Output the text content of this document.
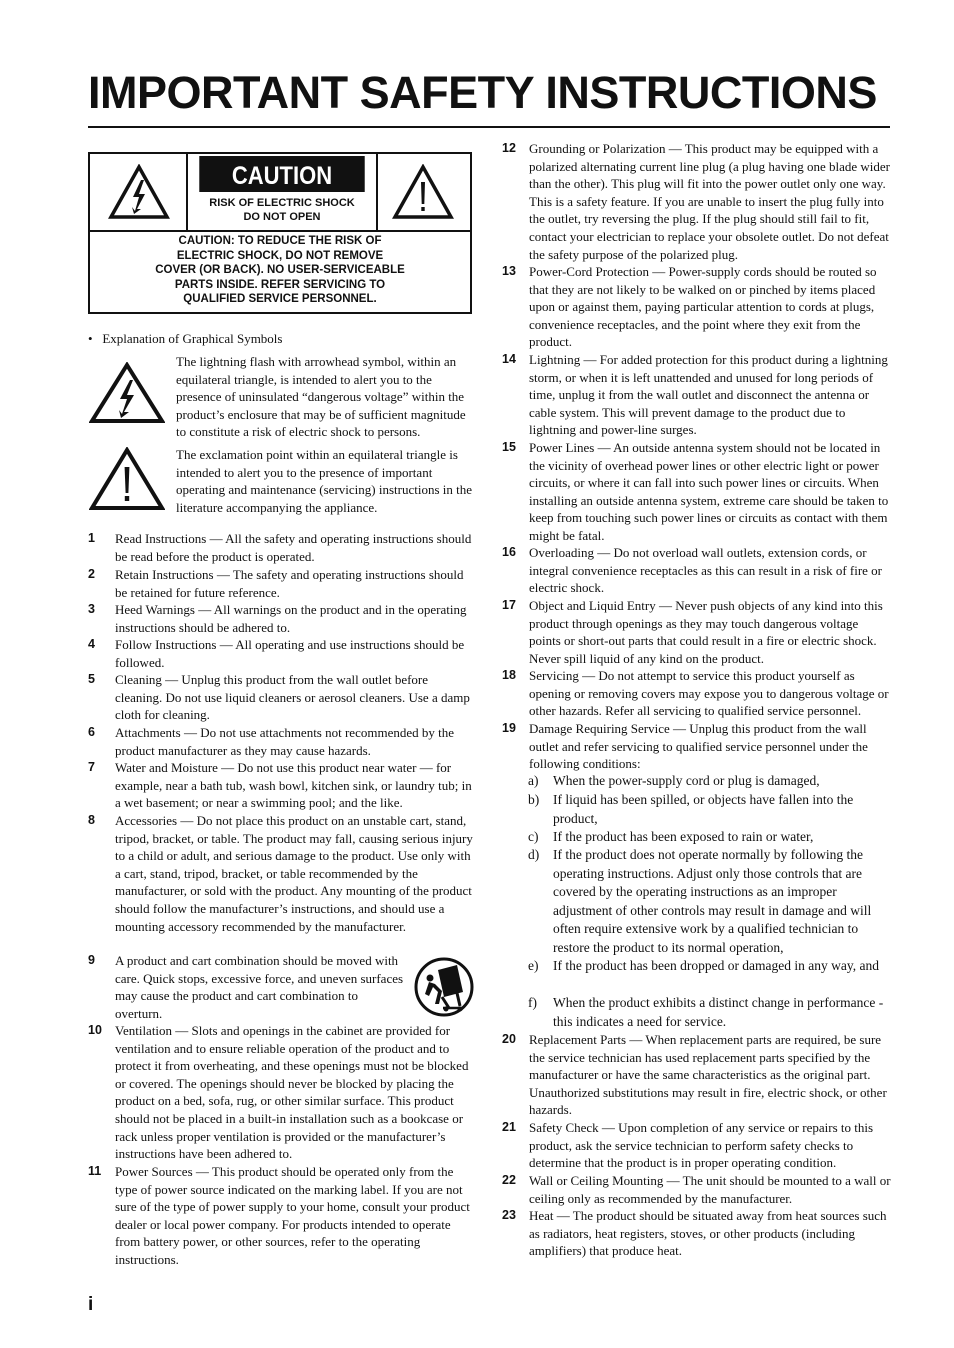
IMPORTANT SAFETY INSTRUCTIONS
CAUTION
RISK OF ELECTRIC SHOCK
DO NOT OPEN
CAUTION: TO REDUCE THE RISK OF
ELECTRIC SHOCK, DO NOT REMOVE
COVER (OR BACK). NO USER-SERVICEABLE
PARTS INSIDE. REFER SERVICING TO
QUALIFIED SERVICE PERSONNEL.
• Explanation of Graphical Symbols
The lightning flash with arrowhead symbol, within an equilateral triangle, is intended to alert you to the presence of uninsulated “dangerous voltage” within the product’s enclosure that may be of sufficient magnitude to constitute a risk of electric shock to persons.
The exclamation point within an equilateral triangle is intended to alert you to the presence of important operating and maintenance (servicing) instructions in the literature accompanying the appliance.
1 Read Instructions — All the safety and operating instructions should be read before the product is operated.
2 Retain Instructions — The safety and operating instructions should be retained for future reference.
3 Heed Warnings — All warnings on the product and in the operating instructions should be adhered to.
4 Follow Instructions — All operating and use instructions should be followed.
5 Cleaning — Unplug this product from the wall outlet before cleaning. Do not use liquid cleaners or aerosol cleaners. Use a damp cloth for cleaning.
6 Attachments — Do not use attachments not recommended by the product manufacturer as they may cause hazards.
7 Water and Moisture — Do not use this product near water — for example, near a bath tub, wash bowl, kitchen sink, or laundry tub; in a wet basement; or near a swimming pool; and the like.
8 Accessories — Do not place this product on an unstable cart, stand, tripod, bracket, or table. The product may fall, causing serious injury to a child or adult, and serious damage to the product. Use only with a cart, stand, tripod, bracket, or table recommended by the manufacturer, or sold with the product. Any mounting of the product should follow the manufacturer’s instructions, and should use a mounting accessory recommended by the manufacturer.
9 A product and cart combination should be moved with care. Quick stops, excessive force, and uneven surfaces may cause the product and cart combination to overturn.
10 Ventilation — Slots and openings in the cabinet are provided for ventilation and to ensure reliable operation of the product and to protect it from overheating, and these openings must not be blocked or covered. The openings should never be blocked by placing the product on a bed, sofa, rug, or other similar surface. This product should not be placed in a built-in installation such as a bookcase or rack unless proper ventilation is provided or the manufacturer’s instructions have been adhered to.
11 Power Sources — This product should be operated only from the type of power source indicated on the marking label. If you are not sure of the type of power supply to your home, consult your product dealer or local power company. For products intended to operate from battery power, or other sources, refer to the operating instructions.
12 Grounding or Polarization — This product may be equipped with a polarized alternating current line plug (a plug having one blade wider than the other). This plug will fit into the power outlet only one way. This is a safety feature. If you are unable to insert the plug fully into the outlet, try reversing the plug. If the plug should still fail to fit, contact your electrician to replace your obsolete outlet. Do not defeat the safety purpose of the polarized plug.
13 Power-Cord Protection — Power-supply cords should be routed so that they are not likely to be walked on or pinched by items placed upon or against them, paying particular attention to cords at plugs, convenience receptacles, and the point where they exit from the product.
14 Lightning — For added protection for this product during a lightning storm, or when it is left unattended and unused for long periods of time, unplug it from the wall outlet and disconnect the antenna or cable system. This will prevent damage to the product due to lightning and power-line surges.
15 Power Lines — An outside antenna system should not be located in the vicinity of overhead power lines or other electric light or power circuits, or where it can fall into such power lines or circuits. When installing an outside antenna system, extreme care should be taken to keep from touching such power lines or circuits as contact with them might be fatal.
16 Overloading — Do not overload wall outlets, extension cords, or integral convenience receptacles as this can result in a risk of fire or electric shock.
17 Object and Liquid Entry — Never push objects of any kind into this product through openings as they may touch dangerous voltage points or short-out parts that could result in a fire or electric shock. Never spill liquid of any kind on the product.
18 Servicing — Do not attempt to service this product yourself as opening or removing covers may expose you to dangerous voltage or other hazards. Refer all servicing to qualified service personnel.
19 Damage Requiring Service — Unplug this product from the wall outlet and refer servicing to qualified service personnel under the following conditions:
a) When the power-supply cord or plug is damaged,
b) If liquid has been spilled, or objects have fallen into the product,
c) If the product has been exposed to rain or water,
d) If the product does not operate normally by following the operating instructions. Adjust only those controls that are covered by the operating instructions as an improper adjustment of other controls may result in damage and will often require extensive work by a qualified technician to restore the product to its normal operation,
e) If the product has been dropped or damaged in any way, and
f) When the product exhibits a distinct change in performance - this indicates a need for service.
20 Replacement Parts — When replacement parts are required, be sure the service technician has used replacement parts specified by the manufacturer or have the same characteristics as the original part. Unauthorized substitutions may result in fire, electric shock, or other hazards.
21 Safety Check — Upon completion of any service or repairs to this product, ask the service technician to perform safety checks to determine that the product is in proper operating condition.
22 Wall or Ceiling Mounting — The unit should be mounted to a wall or ceiling only as recommended by the manufacturer.
23 Heat — The product should be situated away from heat sources such as radiators, heat registers, stoves, or other products (including amplifiers) that produce heat.
i
